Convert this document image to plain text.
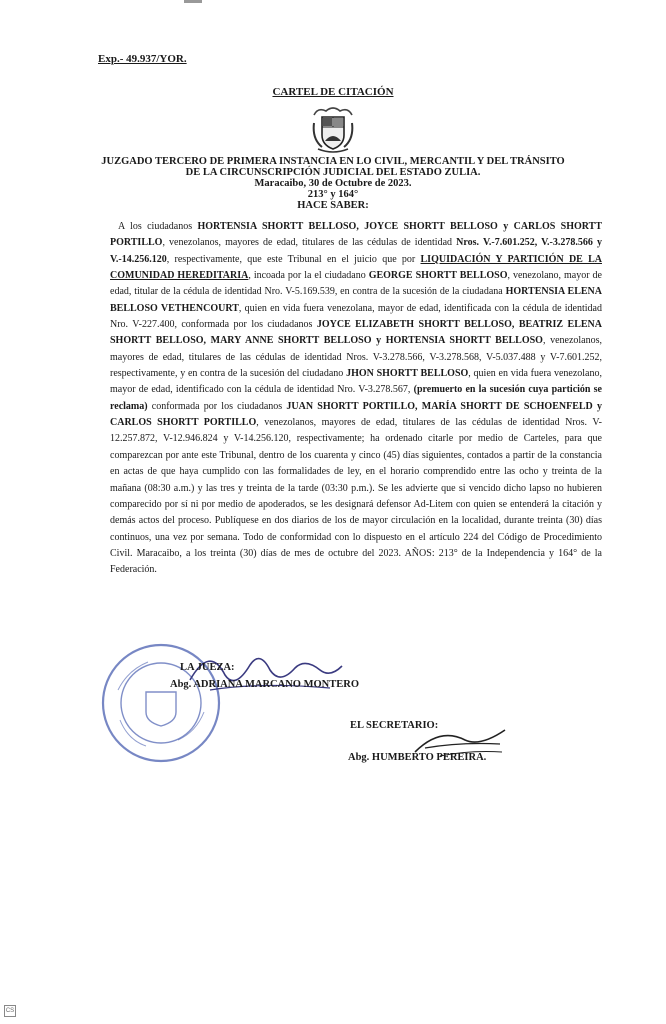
Exp.- 49.937/YOR.
CARTEL DE CITACIÓN
JUZGADO TERCERO DE PRIMERA INSTANCIA EN LO CIVIL, MERCANTIL Y DEL TRÁNSITO
DE LA CIRCUNSCRIPCIÓN JUDICIAL DEL ESTADO ZULIA.
Maracaibo, 30 de Octubre de 2023.
213° y 164°
HACE SABER:

A los ciudadanos HORTENSIA SHORTT BELLOSO, JOYCE SHORTT BELLOSO y CARLOS SHORTT PORTILLO, venezolanos, mayores de edad, titulares de las cédulas de identidad Nros. V.-7.601.252, V.-3.278.566 y V.-14.256.120, respectivamente, que este Tribunal en el juicio que por LIQUIDACIÓN Y PARTICIÓN DE LA COMUNIDAD HEREDITARIA, incoada por la el ciudadano GEORGE SHORTT BELLOSO, venezolano, mayor de edad, titular de la cédula de identidad Nro. V-5.169.539, en contra de la sucesión de la ciudadana HORTENSIA ELENA BELLOSO VETHENCOURT, quien en vida fuera venezolana, mayor de edad, identificada con la cédula de identidad Nro. V-227.400, conformada por los ciudadanos JOYCE ELIZABETH SHORTT BELLOSO, BEATRIZ ELENA SHORTT BELLOSO, MARY ANNE SHORTT BELLOSO y HORTENSIA SHORTT BELLOSO, venezolanos, mayores de edad, titulares de las cédulas de identidad Nros. V-3.278.566, V-3.278.568, V-5.037.488 y V-7.601.252, respectivamente, y en contra de la sucesión del ciudadano JHON SHORTT BELLOSO, quien en vida fuera venezolano, mayor de edad, identificado con la cédula de identidad Nro. V-3.278.567, (premuerto en la sucesión cuya partición se reclama) conformada por los ciudadanos JUAN SHORTT PORTILLO, MARÍA SHORTT DE SCHOENFELD y CARLOS SHORTT PORTILLO, venezolanos, mayores de edad, titulares de las cédulas de identidad Nros. V-12.257.872, V-12.946.824 y V-14.256.120, respectivamente; ha ordenado citarle por medio de Carteles, para que comparezcan por ante este Tribunal, dentro de los cuarenta y cinco (45) días siguientes, contados a partir de la constancia en actas de que haya cumplido con las formalidades de ley, en el horario comprendido entre las ocho y treinta de la mañana (08:30 a.m.) y las tres y treinta de la tarde (03:30 p.m.). Se les advierte que si vencido dicho lapso no hubieren comparecido por sí ni por medio de apoderados, se les designará defensor Ad-Litem con quien se entenderá la citación y demás actos del proceso. Publíquese en dos diarios de los de mayor circulación en la localidad, durante treinta (30) días continuos, una vez por semana. Todo de conformidad con lo dispuesto en el artículo 224 del Código de Procedimiento Civil. Maracaibo, a los treinta (30) días de mes de octubre del 2023. AÑOS: 213° de la Independencia y 164° de la Federación.

LA JUEZA:
Abg. ADRIANA MARCANO MONTERO
EL SECRETARIO:
Abg. HUMBERTO PEREIRA.
CS
